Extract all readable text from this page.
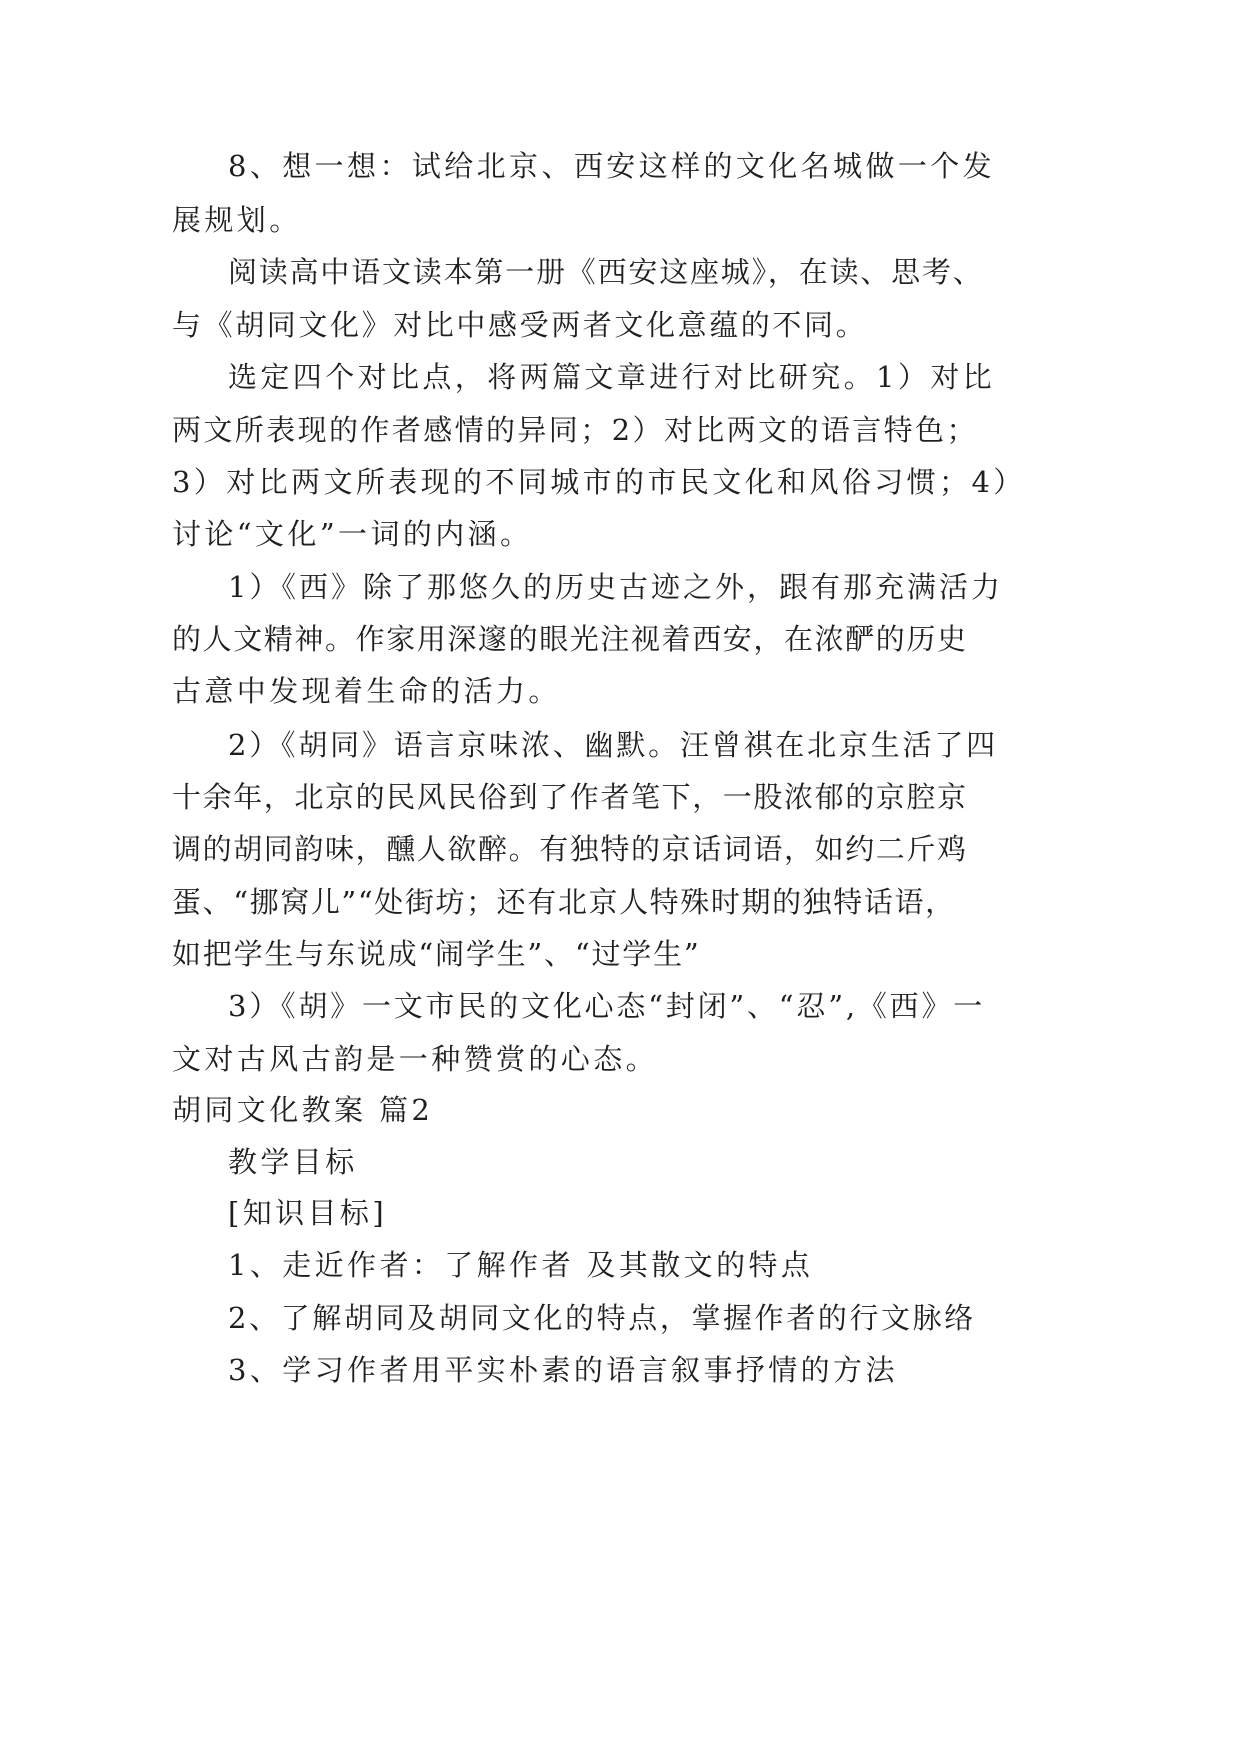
8、想一想：试给北京、西安这样的文化名城做一个发

展规划。

阅读高中语文读本第一册《西安这座城》，在读、思考、

与《胡同文化》对比中感受两者文化意蕴的不同。

选定四个对比点，将两篇文章进行对比研究。1）对比

两文所表现的作者感情的异同；2）对比两文的语言特色；

3）对比两文所表现的不同城市的市民文化和风俗习惯；4）

讨论“文化”一词的内涵。

1）《西》除了那悠久的历史古迹之外，跟有那充满活力

的人文精神。作家用深邃的眼光注视着西安，在浓酽的历史

古意中发现着生命的活力。

2）《胡同》语言京味浓、幽默。汪曾祺在北京生活了四

十余年，北京的民风民俗到了作者笔下，一股浓郁的京腔京

调的胡同韵味，醺人欲醉。有独特的京话词语，如约二斤鸡

蛋、“挪窝儿”“处街坊；还有北京人特殊时期的独特话语，

如把学生与东说成“闹学生”、“过学生”

3）《胡》一文市民的文化心态“封闭”、“忍”,《西》一

文对古风古韵是一种赞赏的心态。

胡同文化教案 篇2

教学目标

[知识目标]

1、走近作者：了解作者 及其散文的特点

2、了解胡同及胡同文化的特点，掌握作者的行文脉络

3、学习作者用平实朴素的语言叙事抒情的方法
